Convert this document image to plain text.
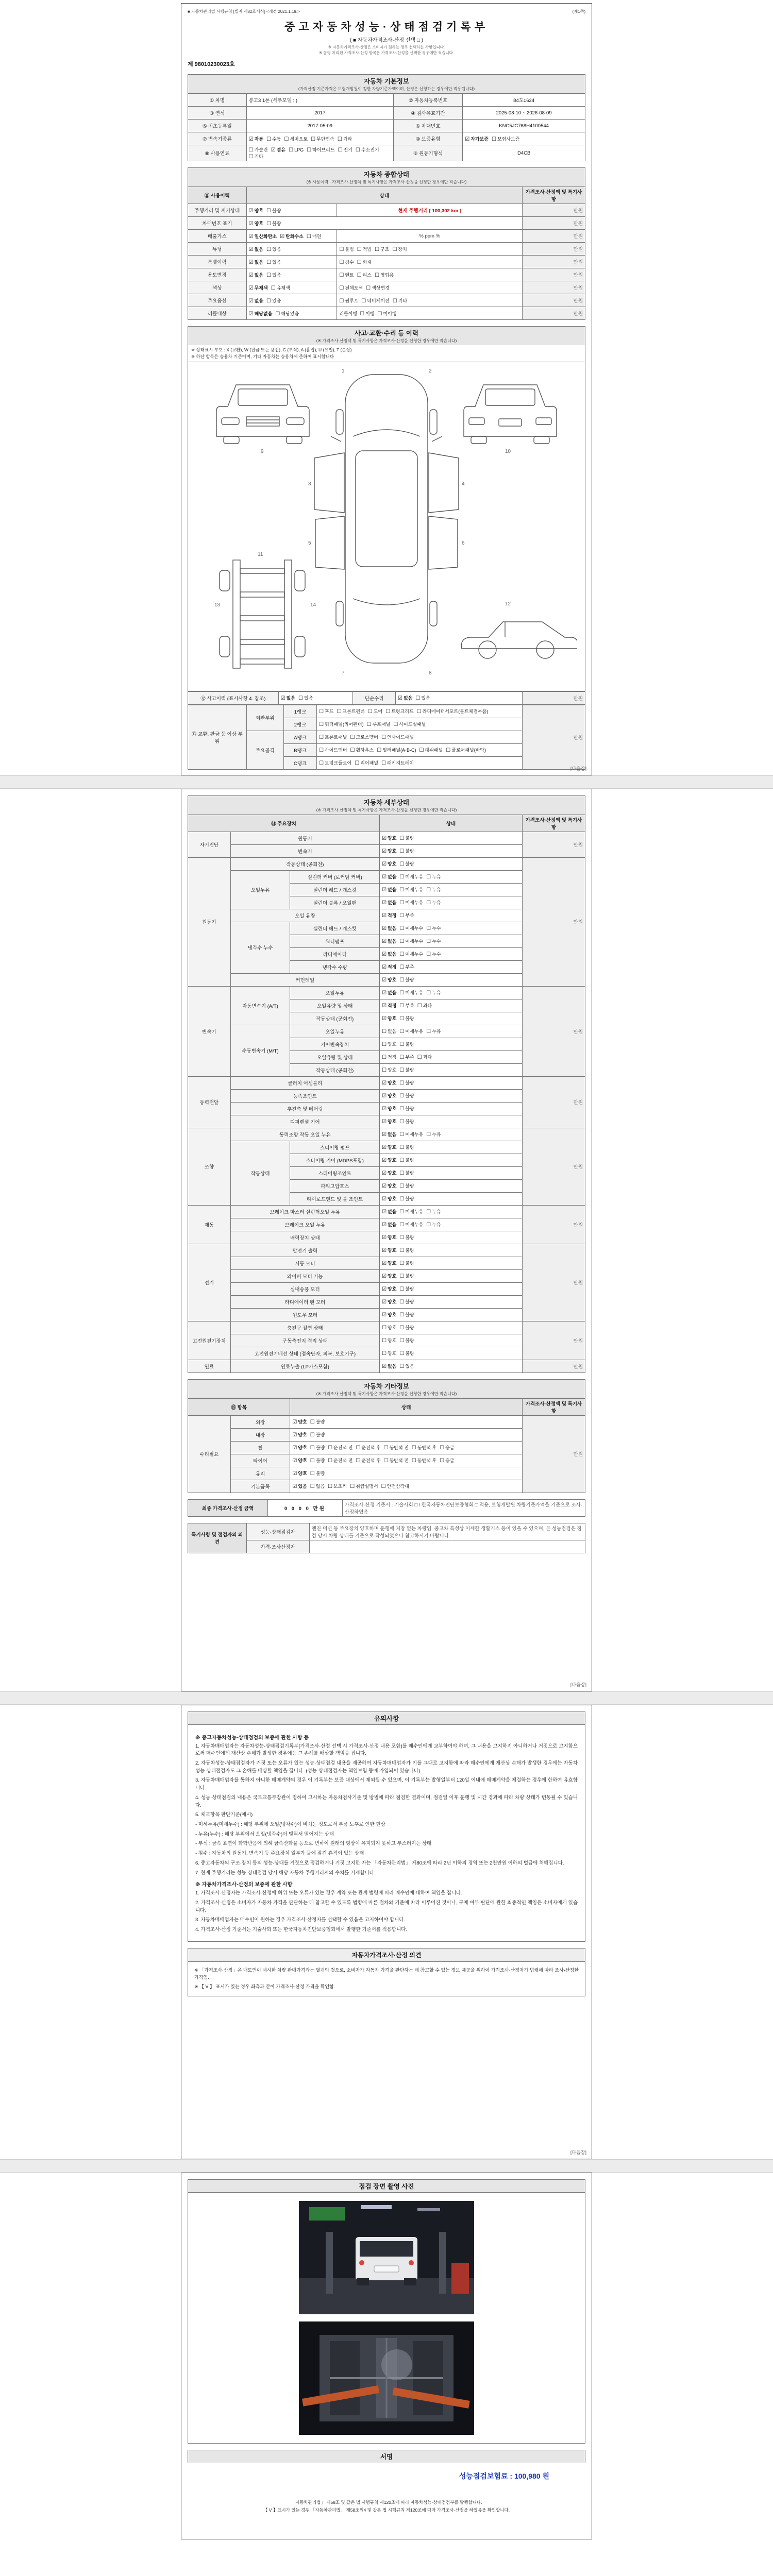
■ 자동차관리법 시행규칙 [별지 제82호서식] <개정 2021.1.19.>	(제1쪽)
중고자동차성능·상태점검기록부
( ■ 자동차가격조사·산정 선택 □ )
※ 자동차가격조사·산정은 소비자가 원하는 경우 선택하는 사항입니다.
※ 음영 처리된 가격조사·산정 항목은 가격조사·산정을 선택한 경우에만 적습니다.
제 98010230023호
자동차 기본정보
(가격산정 기준가격은 보험개발원이 정한 차량기준가액이며, 산정은 신청하는 경우에만 적용됩니다)
① 차명	봉고3 1톤 (세부모델 : )	② 자동차등록번호	84도1624
③ 연식	2017	④ 검사유효기간	2025-08-10 ~ 2026-08-09
⑤ 최초등록일	2017-05-09	⑥ 차대번호	KNC5JC768H4100544
⑦ 변속기종류	☑ 자동 ☐ 수동 ☐ 세미오토 ☐ 무단변속 ☐ 기타	⑩ 보증유형	☑ 자가보증 ☐ 보험사보증
⑧ 사용연료	☐ 가솔린 ☑ 경유 ☐ LPG ☐ 하이브리드 ☐ 전기 ☐ 수소전기☐ 기타	⑨ 원동기형식	D4CB
자동차 종합상태
(※ 사용이력 · 가격조사·산정액 및 특기사항은 가격조사·산정을 신청한 경우에만 적습니다)
⑪ 사용이력	상태		가격조사·산정액 및 특기사항
주행거리 및 계기상태	☑ 양호 ☐ 불량	현재 주행거리 [ 100,302 km ]	만원
차대번호 표기	☑ 양호 ☐ 불량		만원
배출가스	☑ 일산화탄소 ☑ 탄화수소 ☐ 매연	% ppm %	만원
튜닝	☑ 없음 ☐ 있음	☐ 불법 ☐ 적법 ☐ 구조 ☐ 장치	만원
특별이력	☑ 없음 ☐ 있음	☐ 침수 ☐ 화재	만원
용도변경	☑ 없음 ☐ 있음	☐ 렌트 ☐ 리스 ☐ 영업용	만원
색상	☑ 무채색 ☐ 유채색	☐ 전체도색 ☐ 색상변경	만원
주요옵션	☑ 없음 ☐ 있음	☐ 썬루프 ☐ 네비게이션 ☐ 기타	만원
리콜대상	☑ 해당없음 ☐ 해당있음	리콜이행 ☐ 이행 ☐ 미이행	만원
사고·교환·수리 등 이력
(※ 가격조사·산정액 및 특기사항은 가격조사·산정을 신청한 경우에만 적습니다)
※ 상태표시 부호 : X (교환), W (판금 또는 용접), C (부식), A (흠집), U (요철), T (손상)
※ 하단 항목은 승용차 기준이며, 기타 자동차는 승용차에 준하여 표시합니다
1	2
3	4
5	6
7	8
9	10
11
12
13	14
⑫ 사고이력 (표시사항 4. 참조)	☑ 없음 ☐ 있음	단순수리	☑ 없음 ☐ 있음	만원
⑬ 교환, 판금 등 이상 부위	외판부위	1랭크	☐ 후드 ☐ 프론트펜더 ☐ 도어 ☐ 트렁크리드 ☐ 라디에이터서포트(볼트체결부품)	만원
		2랭크	☐ 쿼터패널(리어펜더) ☐ 루프패널 ☐ 사이드실패널	
	주요골격	A랭크	☐ 프론트패널 ☐ 크로스멤버 ☐ 인사이드패널	
		B랭크	☐ 사이드멤버 ☐ 휠하우스 ☐ 필러패널(A·B·C) ☐ 대쉬패널 ☐ 플로어패널(바닥)	
		C랭크	☐ 트렁크플로어 ☐ 리어패널 ☐ 패키지트레이	
[다음장]
자동차 세부상태
(※ 가격조사·산정액 및 특기사항은 가격조사·산정을 신청한 경우에만 적습니다)
⑭ 주요장치			상태	가격조사·산정액 및 특기사항
자기진단	원동기		☑ 양호 ☐ 불량	만원
	변속기		☑ 양호 ☐ 불량	
원동기	작동상태 (공회전)		☑ 양호 ☐ 불량	만원
	오일누유	실린더 커버 (로커암 커버)	☑ 없음 ☐ 미세누유 ☐ 누유	
		실린더 헤드 / 개스킷	☑ 없음 ☐ 미세누유 ☐ 누유	
		실린더 블록 / 오일팬	☑ 없음 ☐ 미세누유 ☐ 누유	
	오일 유량		☑ 적정 ☐ 부족	
	냉각수 누수	실린더 헤드 / 개스킷	☑ 없음 ☐ 미세누수 ☐ 누수	
		워터펌프	☑ 없음 ☐ 미세누수 ☐ 누수	
		라디에이터	☑ 없음 ☐ 미세누수 ☐ 누수	
		냉각수 수량	☑ 적정 ☐ 부족	
	커먼레일		☑ 양호 ☐ 불량	
변속기	자동변속기 (A/T)	오일누유	☑ 없음 ☐ 미세누유 ☐ 누유	만원
		오일유량 및 상태	☑ 적정 ☐ 부족 ☐ 과다	
		작동상태 (공회전)	☑ 양호 ☐ 불량	
	수동변속기 (M/T)	오일누유	☐ 없음 ☐ 미세누유 ☐ 누유	
		기어변속장치	☐ 양호 ☐ 불량	
		오일유량 및 상태	☐ 적정 ☐ 부족 ☐ 과다	
		작동상태 (공회전)	☐ 양호 ☐ 불량	
동력전달	클러치 어셈블리		☑ 양호 ☐ 불량	만원
	등속조인트		☑ 양호 ☐ 불량	
	추진축 및 베어링		☑ 양호 ☐ 불량	
	디퍼렌셜 기어		☑ 양호 ☐ 불량	
조향	동력조향 작동 오일 누유		☑ 없음 ☐ 미세누유 ☐ 누유	만원
	작동상태	스티어링 펌프	☑ 양호 ☐ 불량	
		스티어링 기어 (MDPS포함)	☑ 양호 ☐ 불량	
		스티어링조인트	☑ 양호 ☐ 불량	
		파워고압호스	☑ 양호 ☐ 불량	
		타이로드엔드 및 볼 조인트	☑ 양호 ☐ 불량	
제동	브레이크 마스터 실린더오일 누유		☑ 없음 ☐ 미세누유 ☐ 누유	만원
	브레이크 오일 누유		☑ 없음 ☐ 미세누유 ☐ 누유	
	배력장치 상태		☑ 양호 ☐ 불량	
전기	발전기 출력		☑ 양호 ☐ 불량	만원
	시동 모터		☑ 양호 ☐ 불량	
	와이퍼 모터 기능		☑ 양호 ☐ 불량	
	실내송풍 모터		☑ 양호 ☐ 불량	
	라디에이터 팬 모터		☑ 양호 ☐ 불량	
	윈도우 모터		☑ 양호 ☐ 불량	
고전원전기장치	충전구 절연 상태		☐ 양호 ☐ 불량	만원
	구동축전지 격리 상태		☐ 양호 ☐ 불량	
	고전원전기배선 상태 (접속단자, 피복, 보호기구)		☐ 양호 ☐ 불량	
연료	연료누출 (LP가스포함)		☑ 없음 ☐ 있음	만원
자동차 기타정보
(※ 가격조사·산정액 및 특기사항은 가격조사·산정을 신청한 경우에만 적습니다)
⑮ 항목		상태	가격조사·산정액 및 특기사항
수리필요	외장	☑ 양호 ☐ 불량	만원
	내장	☑ 양호 ☐ 불량	
	휠	☑ 양호 ☐ 불량 ☐ 운전석 전 ☐ 운전석 후 ☐ 동반석 전 ☐ 동반석 후 ☐ 응급	
	타이어	☑ 양호 ☐ 불량 ☐ 운전석 전 ☐ 운전석 후 ☐ 동반석 전 ☐ 동반석 후 ☐ 응급	
	유리	☑ 양호 ☐ 불량	
	기본품목	☑ 있음 ☐ 없음 ☐ 보조키 ☐ 취급설명서 ☐ 안전삼각대	
최종 가격조사·산정 금액	0 0 0 0 만원	가격조사·산정 기준서 : 기술사회 □ / 한국자동차진단보증협회 □ 적용, 보험개발원 차량기준가액을 기준으로 조사·산정하였음
특기사항 및 점검자의 의견	성능·상태점검자	엔진·미션 등 주요장치 양호하며 운행에 지장 없는 차량임. 중고차 특성상 미세한 생활기스 등이 있을 수 있으며, 본 성능점검은 점검 당시 차량 상태를 기준으로 작성되었으니 참고하시기 바랍니다.
	가격·조사산정자	
[다음장]
유의사항
※ 중고자동차성능·상태점검의 보증에 관한 사항 등
1. 자동차매매업자는 자동차성능·상태점검기록부(가격조사·산정 선택 시 가격조사·산정 내용 포함)를 매수인에게 교부하여야 하며, 그 내용을 고지하지 아니하거나 거짓으로 고지함으로써 매수인에게 재산상 손해가 발생한 경우에는 그 손해를 배상할 책임을 집니다.
2. 자동차성능·상태점검자가 거짓 또는 오류가 있는 성능·상태점검 내용을 제공하여 자동차매매업자가 이를 그대로 고지함에 따라 매수인에게 재산상 손해가 발생한 경우에는 자동차성능·상태점검자도 그 손해를 배상할 책임을 집니다. (성능·상태점검자는 책임보험 등에 가입되어 있습니다)
3. 자동차매매업자를 통하지 아니한 매매계약의 경우 이 기록부는 보증 대상에서 제외될 수 있으며, 이 기록부는 발행일부터 120일 이내에 매매계약을 체결하는 경우에 한하여 유효합니다.
4. 성능·상태점검의 내용은 국토교통부장관이 정하여 고시하는 자동차검사기준 및 방법에 따라 점검한 결과이며, 점검일 이후 운행 및 시간 경과에 따라 차량 상태가 변동될 수 있습니다.
5. 체크항목 판단기준(예시)
- 미세누유(미세누수) : 해당 부위에 오일(냉각수)이 비치는 정도로서 부품 노후로 인한 현상
- 누유(누수) : 해당 부위에서 오일(냉각수)이 맺혀서 떨어지는 상태
- 부식 : 금속 표면이 화학반응에 의해 금속산화물 등으로 변하여 원래의 형상이 유지되지 못하고 부스러지는 상태
- 침수 : 자동차의 원동기, 변속기 등 주요장치 일부가 물에 잠긴 흔적이 있는 상태
6. 중고자동차의 구조·장치 등의 성능·상태를 거짓으로 점검하거나 거짓 고지한 자는 「자동차관리법」 제80조에 따라 2년 이하의 징역 또는 2천만원 이하의 벌금에 처해집니다.
7. 현재 주행거리는 성능·상태점검 당시 해당 자동차 주행거리계의 수치를 기재합니다.
※ 자동차가격조사·산정의 보증에 관한 사항
1. 가격조사·산정자는 가격조사·산정에 허위 또는 오류가 있는 경우 계약 또는 관계 법령에 따라 매수인에 대하여 책임을 집니다.
2. 가격조사·산정은 소비자가 자동차 가격을 판단하는 데 참고할 수 있도록 법령에 따른 절차와 기준에 따라 이루어진 것이나, 구매 여부 판단에 관한 최종적인 책임은 소비자에게 있습니다.
3. 자동차매매업자는 매수인이 원하는 경우 가격조사·산정자를 선택할 수 있음을 고지하여야 합니다.
4. 가격조사·산정 기준서는 기술사회 또는 한국자동차진단보증협회에서 발행한 기준서를 적용합니다.
자동차가격조사·산정 의견
※ 「가격조사·산정」은 매도인이 제시한 차량 판매가격과는 별개의 것으로, 소비자가 자동차 가격을 판단하는 데 참고할 수 있는 정보 제공을 위하여 가격조사·산정자가 법령에 따라 조사·산정한 가격임.
※ 【 V 】 표시가 있는 경우 좌측과 같이 가격조사·산정 가격을 확인함.
[다음장]
점검 장면 촬영 사진
서명
성능점검보험료 : 100,980 원
「자동차관리법」 제58조 및 같은 법 시행규칙 제120조에 따라 자동차성능·상태점검부를 발행합니다.
【 V 】표시가 있는 경우 「자동차관리법」 제58조의4 및 같은 법 시행규칙 제120조에 따라 가격조사·산정을 하였음을 확인합니다.
